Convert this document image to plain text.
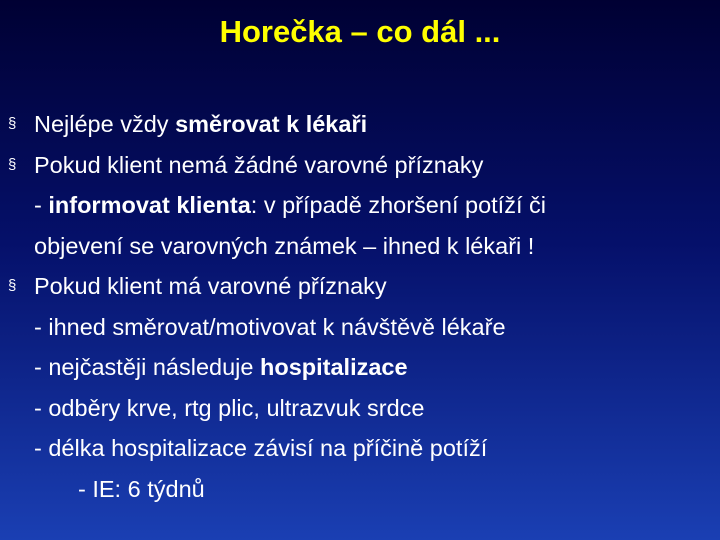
Horečka – co dál ...
§ Nejlépe vždy směrovat k lékaři
§ Pokud klient nemá žádné varovné příznaky
- informovat klienta: v případě zhoršení potíží či
objevení se varovných známek – ihned k lékaři !
§ Pokud klient má varovné příznaky
- ihned směrovat/motivovat k návštěvě lékaře
- nejčastěji následuje hospitalizace
- odběry krve, rtg plic, ultrazvuk srdce
- délka hospitalizace závisí na příčině potíží
- IE: 6 týdnů
